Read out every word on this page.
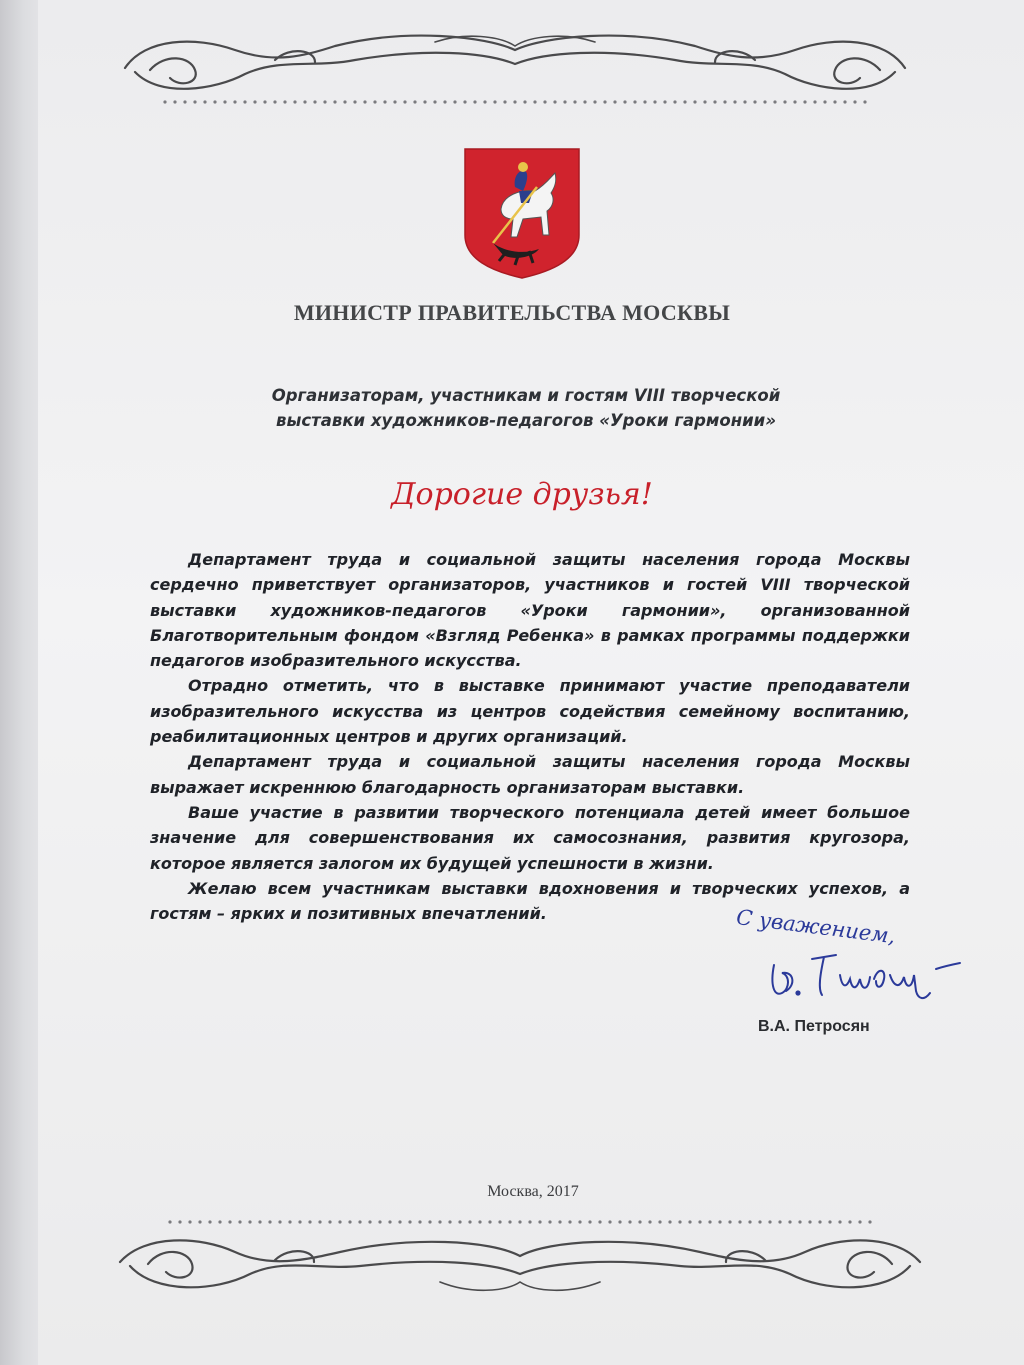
МИНИСТР ПРАВИТЕЛЬСТВА МОСКВЫ
Организаторам, участникам и гостям VIII творческой
выставки художников-педагогов «Уроки гармонии»
Дорогие друзья!

Департамент труда и социальной защиты населения города Москвы сердечно приветствует организаторов, участников и гостей VIII творческой выставки художников-педагогов «Уроки гармонии», организованной Благотворительным фондом «Взгляд Ребенка» в рамках программы поддержки педагогов изобразительного искусства.

Отрадно отметить, что в выставке принимают участие преподаватели изобразительного искусства из центров содействия семейному воспитанию, реабилитационных центров и других организаций.

Департамент труда и социальной защиты населения города Москвы выражает искреннюю благодарность организаторам выставки.

Ваше участие в развитии творческого потенциала детей имеет большое значение для совершенствования их самосознания, развития кругозора, которое является залогом их будущей успешности в жизни.

Желаю всем участникам выставки вдохновения и творческих успехов, а гостям – ярких и позитивных впечатлений.	С уважением,
В.А. Петросян
Москва, 2017
